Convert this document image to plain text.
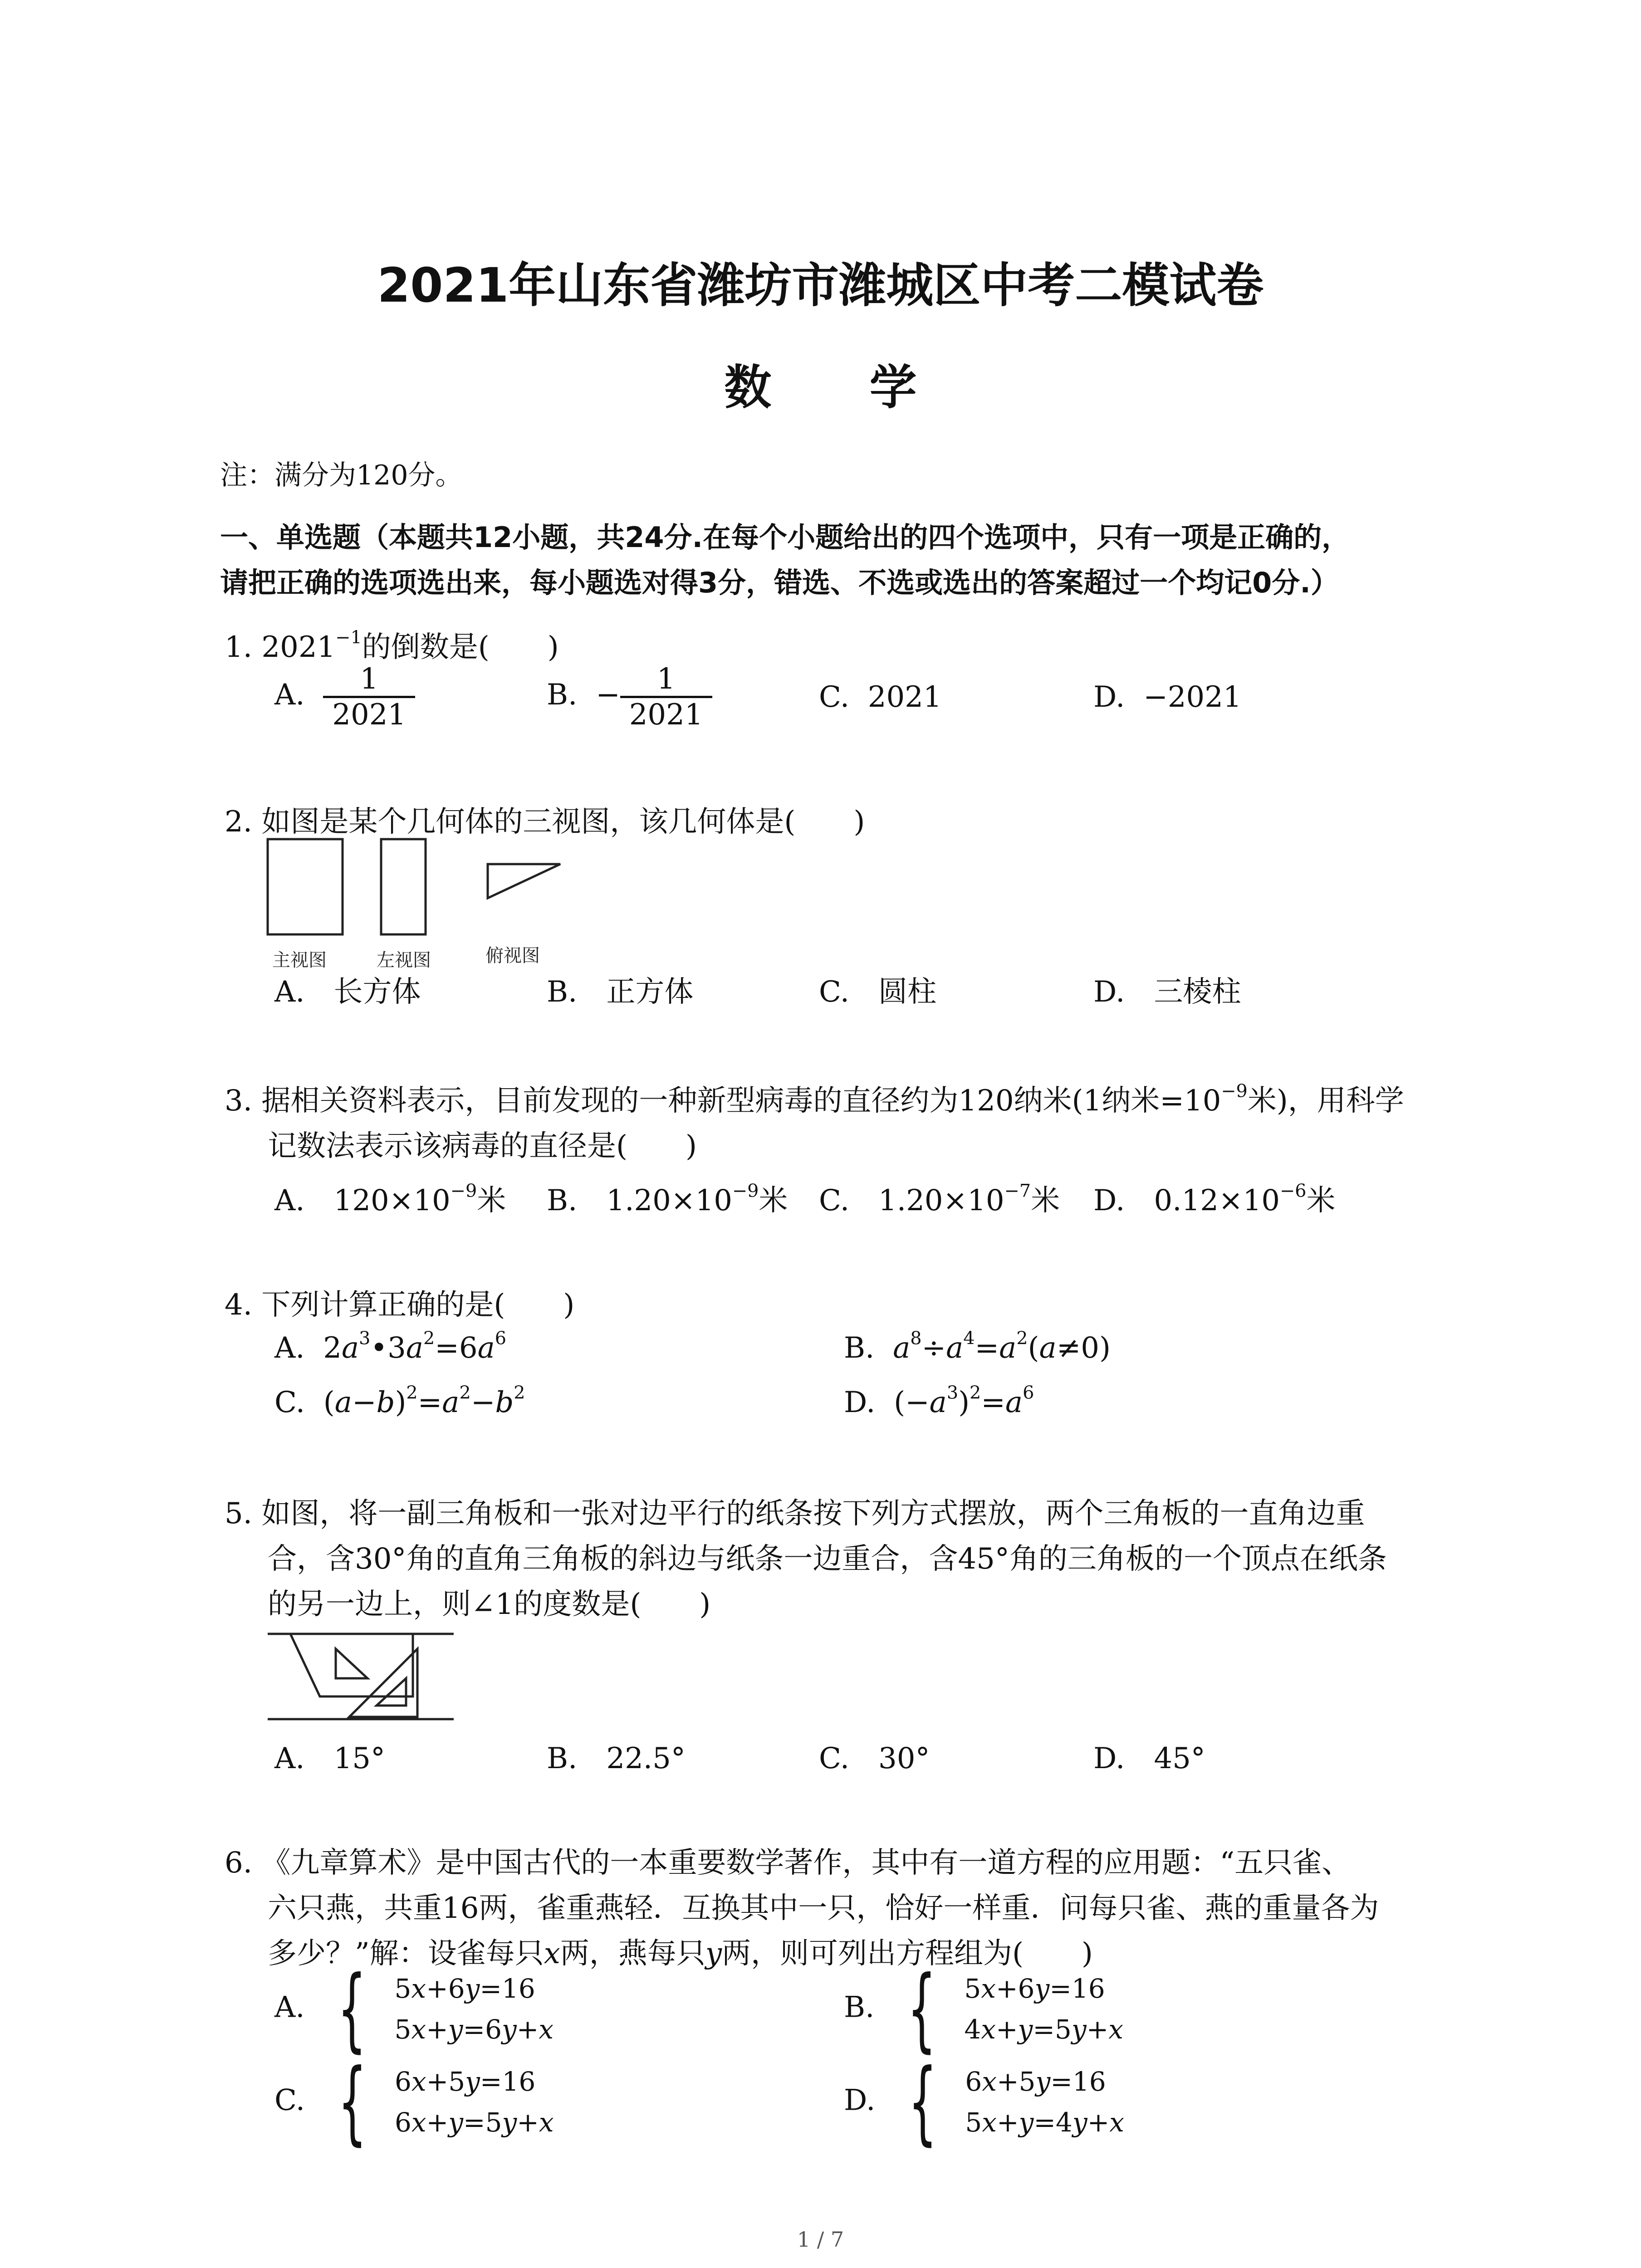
2021年山东省潍坊市潍城区中考二模试卷
数 学
注：满分为120分。
一、单选题（本题共12小题，共24分.在每个小题给出的四个选项中，只有一项是正确的，
请把正确的选项选出来，每小题选对得3分，错选、不选或选出的答案超过一个均记0分.）
1. $2021^{-1}$的倒数是(　　)
A. $\frac{1}{2021}$	B. − $\frac{1}{2021}$	C. 2021	D. −2021
2. 如图是某个几何体的三视图，该几何体是(　　)
主视图	左视图	俯视图
A.　长方体	B.　正方体	C.　圆柱	D.　三棱柱
3. 据相关资料表示，目前发现的一种新型病毒的直径约为120纳米(1纳米$=10^{-9}$米)，用科学
记数法表示该病毒的直径是(　　)
A.　$120\times 10^{-9}$米 B.　$1.20\times 10^{-9}$米 C.　$1.20\times 10^{-7}$米 D.　$0.12\times 10^{-6}$米
4. 下列计算正确的是(　　)
A.  $2a^3•3a^2=6a^6$	B. $a^8\div a^4=a^2(a\ne 0)$
C.  $(a-b)^2=a^2-b^2$	D.  $(-a^3)^2=a^6$
5. 如图，将一副三角板和一张对边平行的纸条按下列方式摆放，两个三角板的一直角边重
合，含30°角的直角三角板的斜边与纸条一边重合，含45°角的三角板的一个顶点在纸条
的另一边上，则∠1的度数是(　　)
A.　15°	B.　22.5°	C.　30°	D.　45°
6. 《九章算术》是中国古代的一本重要数学著作，其中有一道方程的应用题：“五只雀、
六只燕，共重16两，雀重燕轻．互换其中一只，恰好一样重．问每只雀、燕的重量各为
多少？”解：设雀每只x两，燕每只y两，则可列出方程组为(　　)
A. { 5x+6y=16
5x+y=6y+x
B. { 5x+6y=16
4x+y=5y+x
C. { 6x+5y=16
6x+y=5y+x
D. { 6x+5y=16
5x+y=4y+x
1 / 7
